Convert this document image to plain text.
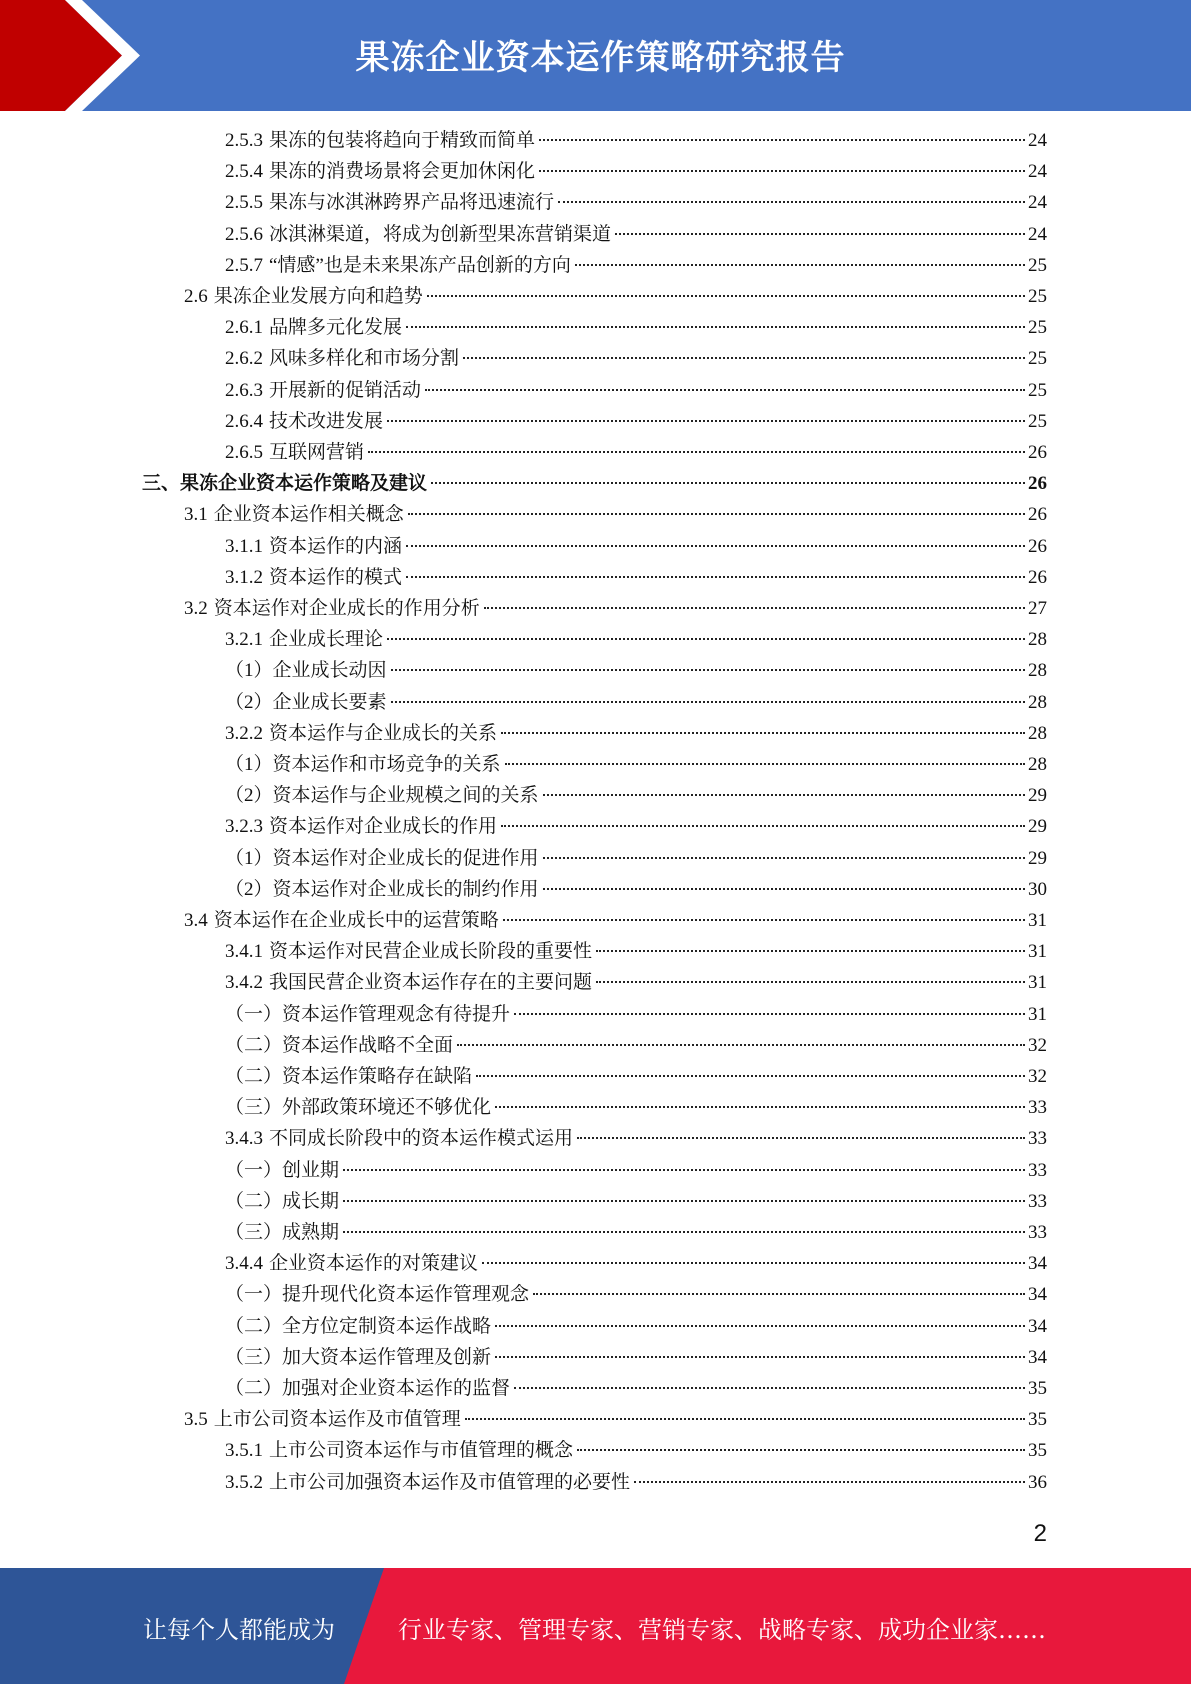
果冻企业资本运作策略研究报告
2.5.3 果冻的包装将趋向于精致而简单	24
2.5.4 果冻的消费场景将会更加休闲化	24
2.5.5 果冻与冰淇淋跨界产品将迅速流行	24
2.5.6 冰淇淋渠道，将成为创新型果冻营销渠道	24
2.5.7 “情感”也是未来果冻产品创新的方向	25
2.6 果冻企业发展方向和趋势	25
2.6.1 品牌多元化发展	25
2.6.2 风味多样化和市场分割	25
2.6.3 开展新的促销活动	25
2.6.4 技术改进发展	25
2.6.5 互联网营销	26
三、果冻企业资本运作策略及建议	26
3.1 企业资本运作相关概念	26
3.1.1 资本运作的内涵	26
3.1.2 资本运作的模式	26
3.2 资本运作对企业成长的作用分析	27
3.2.1 企业成长理论	28
（1）企业成长动因	28
（2）企业成长要素	28
3.2.2 资本运作与企业成长的关系	28
（1）资本运作和市场竞争的关系	28
（2）资本运作与企业规模之间的关系	29
3.2.3 资本运作对企业成长的作用	29
（1）资本运作对企业成长的促进作用	29
（2）资本运作对企业成长的制约作用	30
3.4 资本运作在企业成长中的运营策略	31
3.4.1 资本运作对民营企业成长阶段的重要性	31
3.4.2 我国民营企业资本运作存在的主要问题	31
（一）资本运作管理观念有待提升	31
（二）资本运作战略不全面	32
（二）资本运作策略存在缺陷	32
（三）外部政策环境还不够优化	33
3.4.3 不同成长阶段中的资本运作模式运用	33
（一）创业期	33
（二）成长期	33
（三）成熟期	33
3.4.4 企业资本运作的对策建议	34
（一）提升现代化资本运作管理观念	34
（二）全方位定制资本运作战略	34
（三）加大资本运作管理及创新	34
（二）加强对企业资本运作的监督	35
3.5 上市公司资本运作及市值管理	35
3.5.1 上市公司资本运作与市值管理的概念	35
3.5.2 上市公司加强资本运作及市值管理的必要性	36
2
让每个人都能成为	行业专家、管理专家、营销专家、战略专家、成功企业家……
